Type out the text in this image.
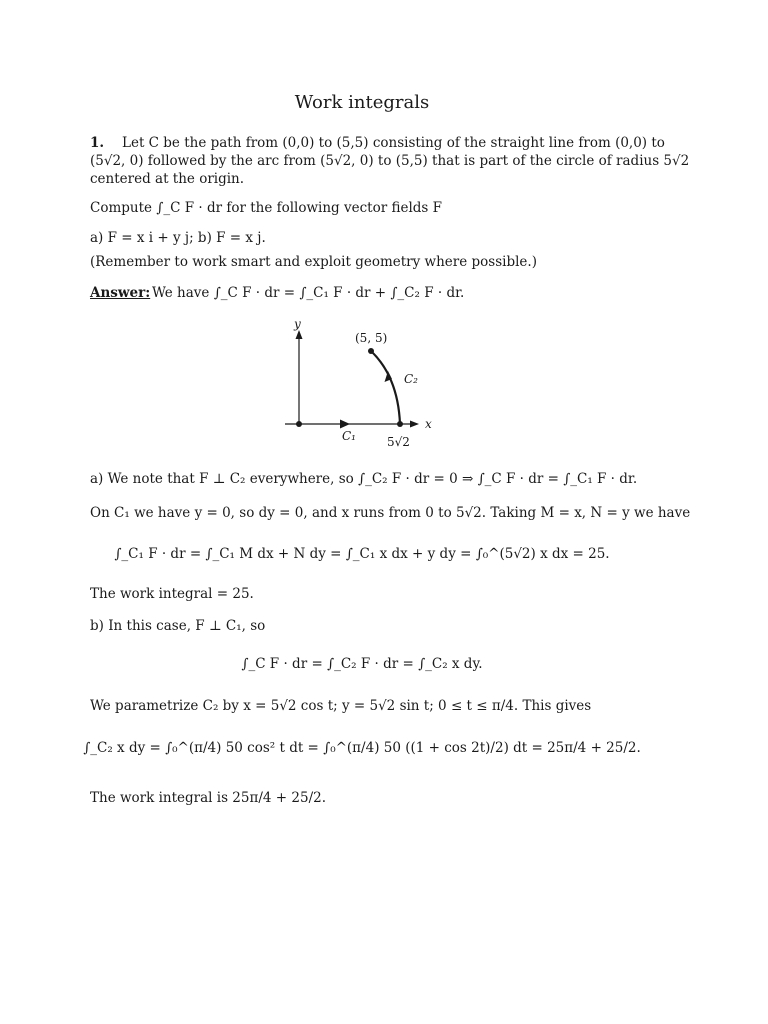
Work integrals
1. Let C be the path from (0,0) to (5,5) consisting of the straight line from (0,0) to
(5√2, 0) followed by the arc from (5√2, 0) to (5,5) that is part of the circle of radius 5√2
centered at the origin.
Compute ∫_C F · dr for the following vector fields F
a) F = x i + y j; b) F = x j.
(Remember to work smart and exploit geometry where possible.)
Answer: We have ∫_C F · dr = ∫_C₁ F · dr + ∫_C₂ F · dr.
y
x
(5, 5)
C₂
C₁	5√2
a) We note that F ⊥ C₂ everywhere, so ∫_C₂ F · dr = 0 ⇒ ∫_C F · dr = ∫_C₁ F · dr.
On C₁ we have y = 0, so dy = 0, and x runs from 0 to 5√2. Taking M = x, N = y we have
∫_C₁ F · dr = ∫_C₁ M dx + N dy = ∫_C₁ x dx + y dy = ∫₀^(5√2) x dx = 25.
The work integral = 25.
b) In this case, F ⊥ C₁, so
∫_C F · dr = ∫_C₂ F · dr = ∫_C₂ x dy.
We parametrize C₂ by x = 5√2 cos t; y = 5√2 sin t; 0 ≤ t ≤ π/4. This gives
∫_C₂ x dy = ∫₀^(π/4) 50 cos² t dt = ∫₀^(π/4) 50 ((1 + cos 2t)/2) dt = 25π/4 + 25/2.
The work integral is 25π/4 + 25/2.
